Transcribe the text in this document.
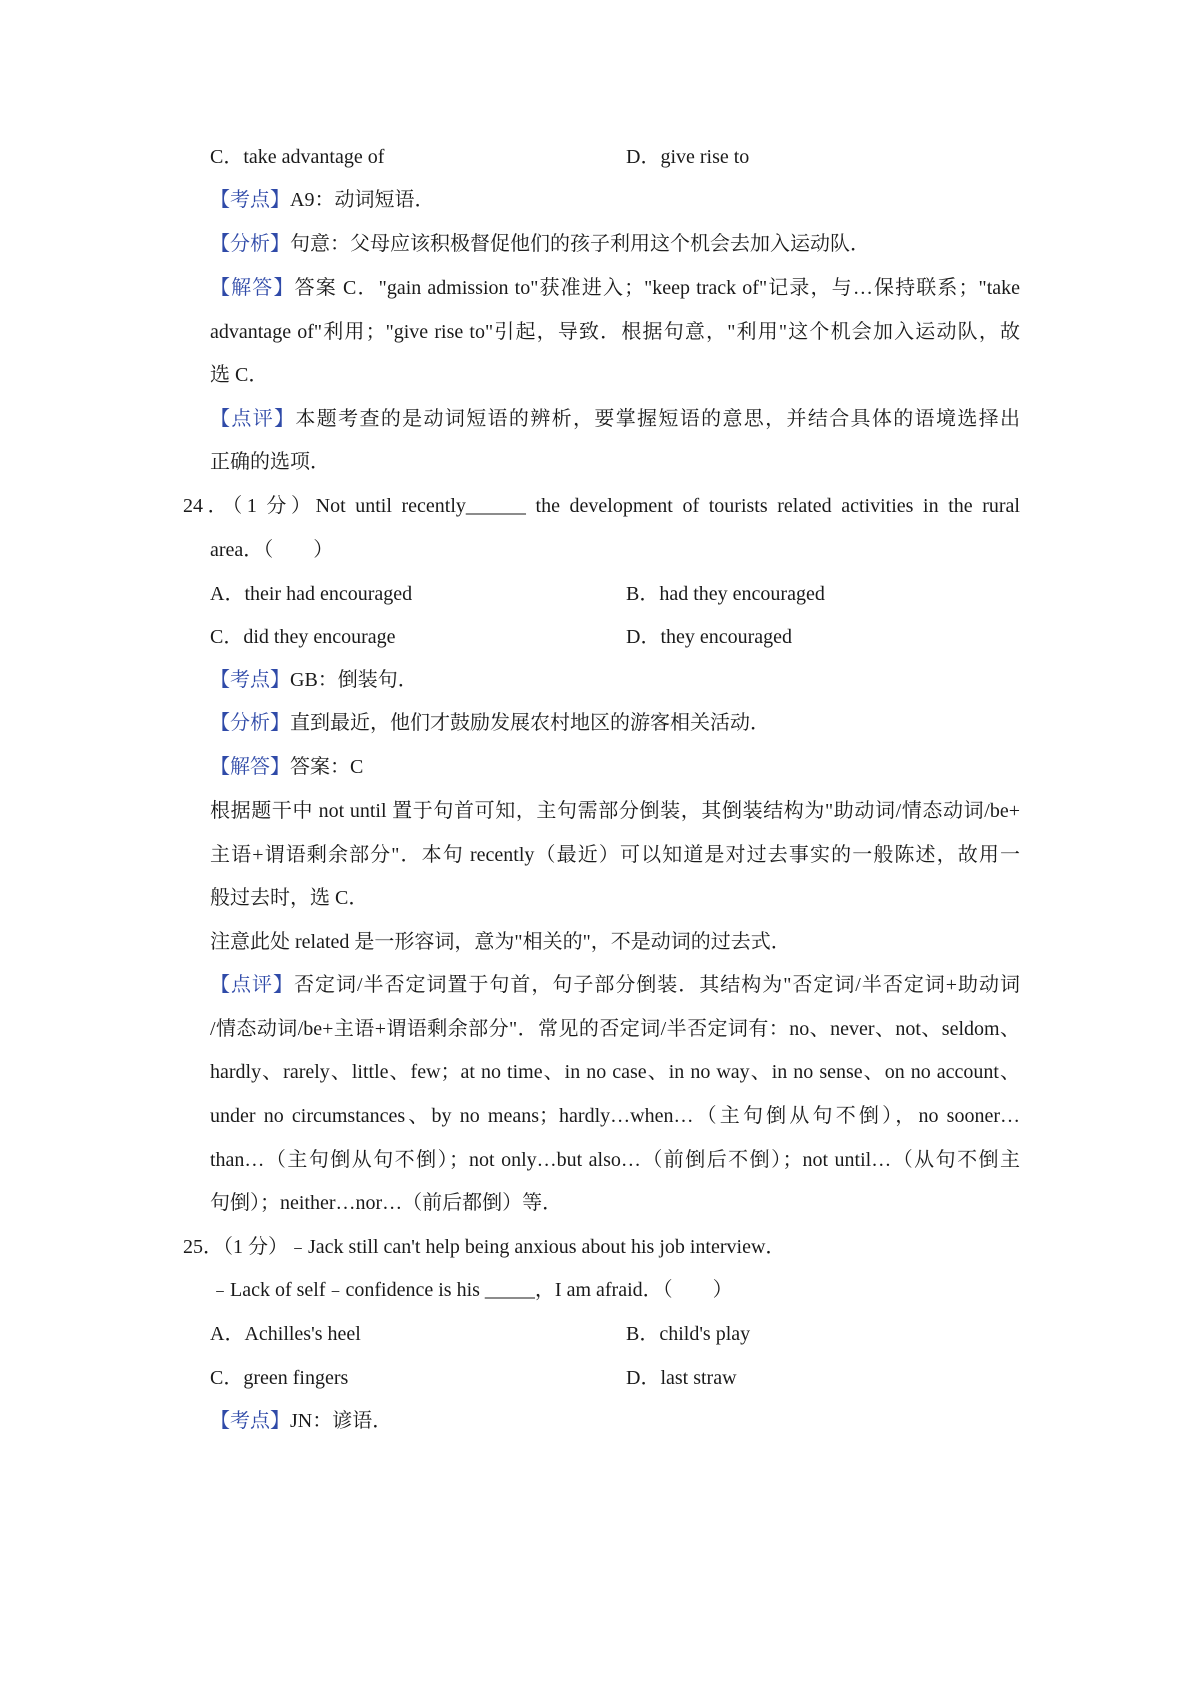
C．take advantage of	D．give rise to
【考点】A9：动词短语．
【分析】句意：父母应该积极督促他们的孩子利用这个机会去加入运动队．
【解答】答案 C．"gain admission to"获准进入；"keep track of"记录，与…保持联系；"take
advantage of"利用；"give rise to"引起，导致．根据句意，"利用"这个机会加入运动队，故
选 C．
【点评】本题考查的是动词短语的辨析，要掌握短语的意思，并结合具体的语境选择出
正确的选项．
24．（1 分）Not until recently______ the development of tourists related activities in the rural
area．（　　）
A．their had encouraged	B．had they encouraged
C．did they encourage	D．they encouraged
【考点】GB：倒装句．
【分析】直到最近，他们才鼓励发展农村地区的游客相关活动．
【解答】答案：C
根据题干中 not until 置于句首可知，主句需部分倒装，其倒装结构为"助动词/情态动词/be+
主语+谓语剩余部分"．本句 recently（最近）可以知道是对过去事实的一般陈述，故用一
般过去时，选 C．
注意此处 related 是一形容词，意为"相关的"，不是动词的过去式．
【点评】否定词/半否定词置于句首，句子部分倒装．其结构为"否定词/半否定词+助动词
/情态动词/be+主语+谓语剩余部分"．常见的否定词/半否定词有：no、never、not、seldom、
hardly、rarely、little、few；at no time、in no case、in no way、in no sense、on no account、
under no circumstances、by no means；hardly…when…（主句倒从句不倒），no sooner…
than…（主句倒从句不倒）；not only…but also…（前倒后不倒）；not until…（从句不倒主
句倒）；neither…nor…（前后都倒）等．
25．（1 分）﹣Jack still can't help being anxious about his job interview．
﹣Lack of self﹣confidence is his _____，I am afraid．（　　）
A．Achilles's heel	B．child's play
C．green fingers	D．last straw
【考点】JN：谚语．
